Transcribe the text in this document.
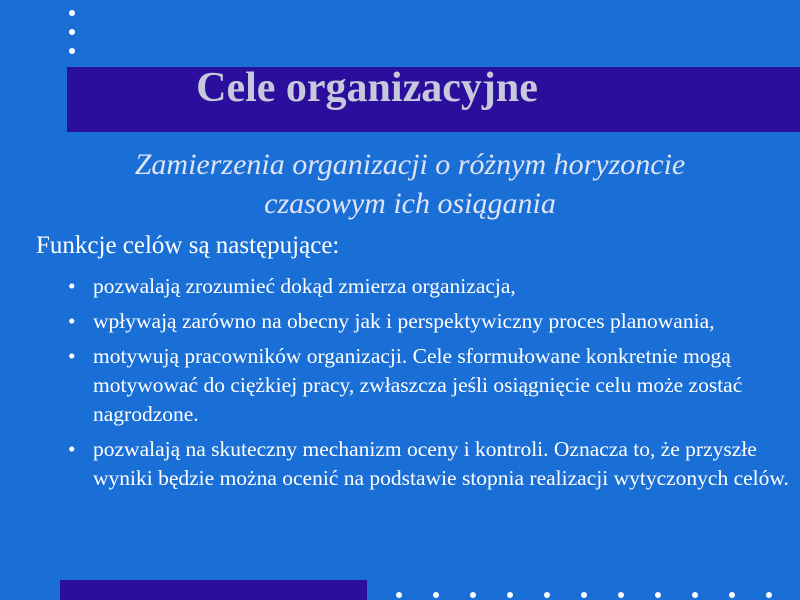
Cele organizacyjne
Zamierzenia organizacji o różnym horyzoncie
czasowym ich osiągania

Funkcje celów są następujące:

• pozwalają zrozumieć dokąd zmierza organizacja,
• wpływają zarówno na obecny jak i perspektywiczny proces planowania,
• motywują pracowników organizacji. Cele sformułowane konkretnie mogą motywować do ciężkiej pracy, zwłaszcza jeśli osiągnięcie celu może zostać nagrodzone.
• pozwalają na skuteczny mechanizm oceny i kontroli. Oznacza to, że przyszłe wyniki będzie można ocenić na podstawie stopnia realizacji wytyczonych celów.
